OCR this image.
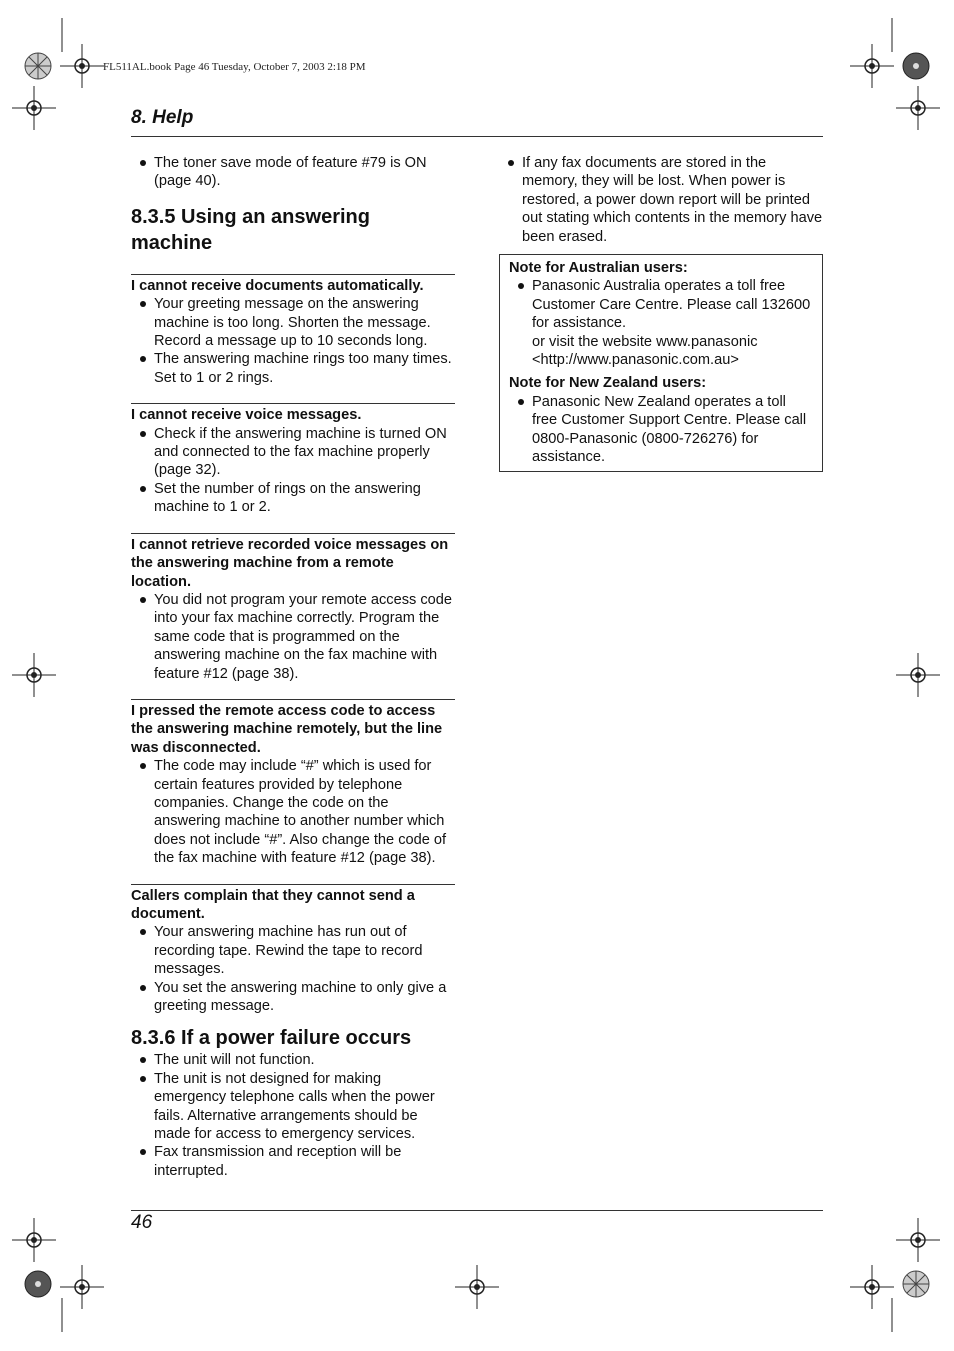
FL511AL.book Page 46 Tuesday, October 7, 2003 2:18 PM
8. Help
The toner save mode of feature #79 is ON (page 40).
8.3.5 Using an answering machine
I cannot receive documents automatically.
Your greeting message on the answering machine is too long. Shorten the message. Record a message up to 10 seconds long.
The answering machine rings too many times. Set to 1 or 2 rings.
I cannot receive voice messages.
Check if the answering machine is turned ON and connected to the fax machine properly (page 32).
Set the number of rings on the answering machine to 1 or 2.
I cannot retrieve recorded voice messages on the answering machine from a remote location.
You did not program your remote access code into your fax machine correctly. Program the same code that is programmed on the answering machine on the fax machine with feature #12 (page 38).
I pressed the remote access code to access the answering machine remotely, but the line was disconnected.
The code may include “#” which is used for certain features provided by telephone companies. Change the code on the answering machine to another number which does not include “#”. Also change the code of the fax machine with feature #12 (page 38).
Callers complain that they cannot send a document.
Your answering machine has run out of recording tape. Rewind the tape to record messages.
You set the answering machine to only give a greeting message.
8.3.6 If a power failure occurs
The unit will not function.
The unit is not designed for making emergency telephone calls when the power fails. Alternative arrangements should be made for access to emergency services.
Fax transmission and reception will be interrupted.
If any fax documents are stored in the memory, they will be lost. When power is restored, a power down report will be printed out stating which contents in the memory have been erased.
Note for Australian users:
Panasonic Australia operates a toll free Customer Care Centre. Please call 132600 for assistance.
or visit the website www.panasonic <http://www.panasonic.com.au>
Note for New Zealand users:
Panasonic New Zealand operates a toll free Customer Support Centre. Please call 0800-Panasonic (0800-726276) for assistance.
46
